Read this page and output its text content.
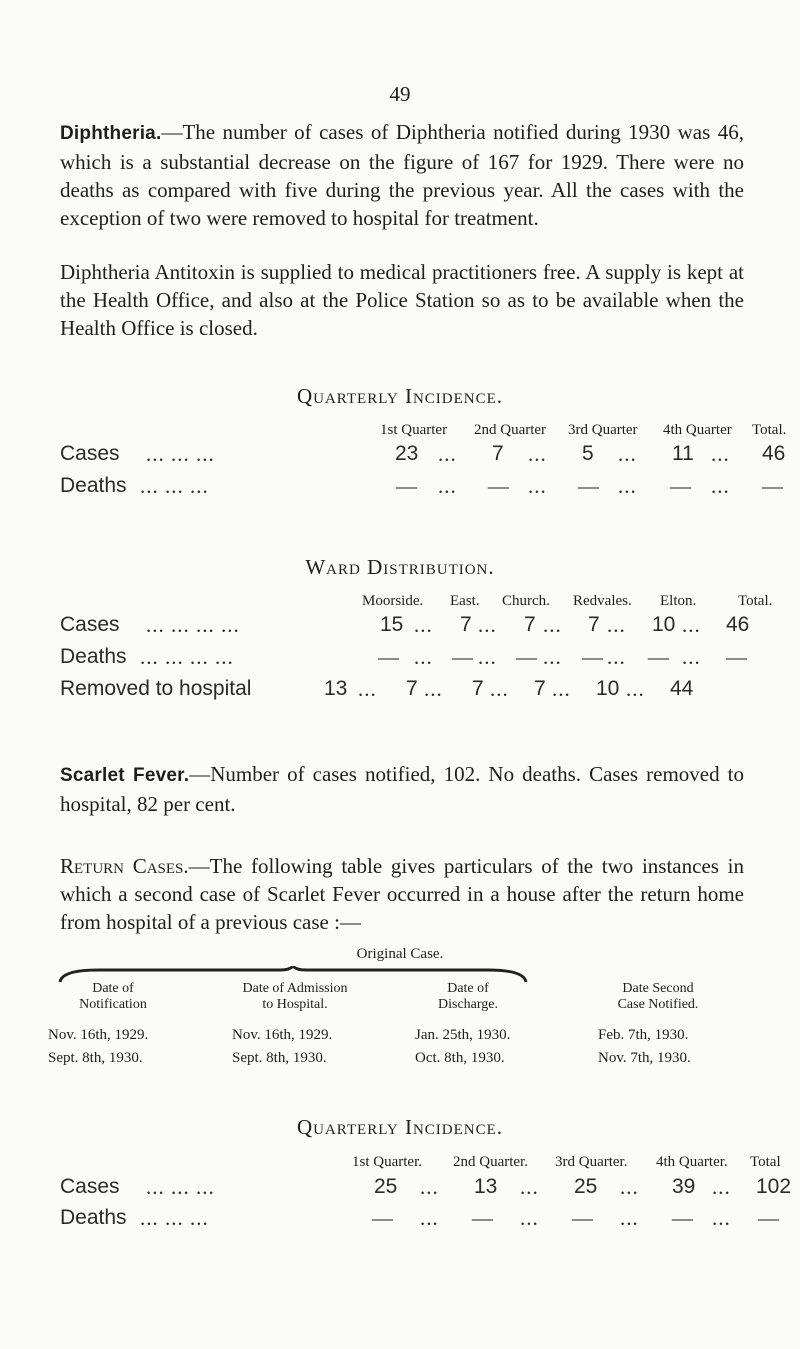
49

Diphtheria.—The number of cases of Diphtheria notified during 1930 was 46, which is a substantial decrease on the figure of 167 for 1929. There were no deaths as compared with five during the previous year. All the cases with the exception of two were removed to hospital for treatment.

Diphtheria Antitoxin is supplied to medical practitioners free. A supply is kept at the Health Office, and also at the Police Station so as to be available when the Health Office is closed.

Quarterly Incidence.
1st Quarter 2nd Quarter 3rd Quarter 4th Quarter Total.
Cases ... ... ...	23 ... 7 ... 5 ... 11 ... 46
Deaths ... ... ...	— ... — ... — ... — ... —
Ward Distribution.
Moorside. East. Church. Redvales. Elton.	Total.
Cases ... ... ... ...	15 ... 7 ... 7 ... 7 ... 10 ... 46
Deaths ... ... ... ...	— ... — ... — ... — ... — ... —
Removed to hospital	13 ... 7 ... 7 ... 7 ... 10 ... 44

Scarlet Fever.—Number of cases notified, 102. No deaths. Cases removed to hospital, 82 per cent.

Return Cases.—The following table gives particulars of the two instances in which a second case of Scarlet Fever occurred in a house after the return home from hospital of a previous case :—

Original Case.
Date of
Notification
Date of Admission
to Hospital.
Date of
Discharge.
Date Second
Case Notified.
Nov. 16th, 1929.	Nov. 16th, 1929.	Jan. 25th, 1930.	Feb. 7th, 1930.
Sept. 8th, 1930.	Sept. 8th, 1930.	Oct. 8th, 1930.	Nov. 7th, 1930.
Quarterly Incidence.
1st Quarter. 2nd Quarter. 3rd Quarter. 4th Quarter. Total
Cases ... ... ...	25 ... 13 ... 25 ... 39 ... 102
Deaths ... ... ...	— ... — ... — ... — ... —
